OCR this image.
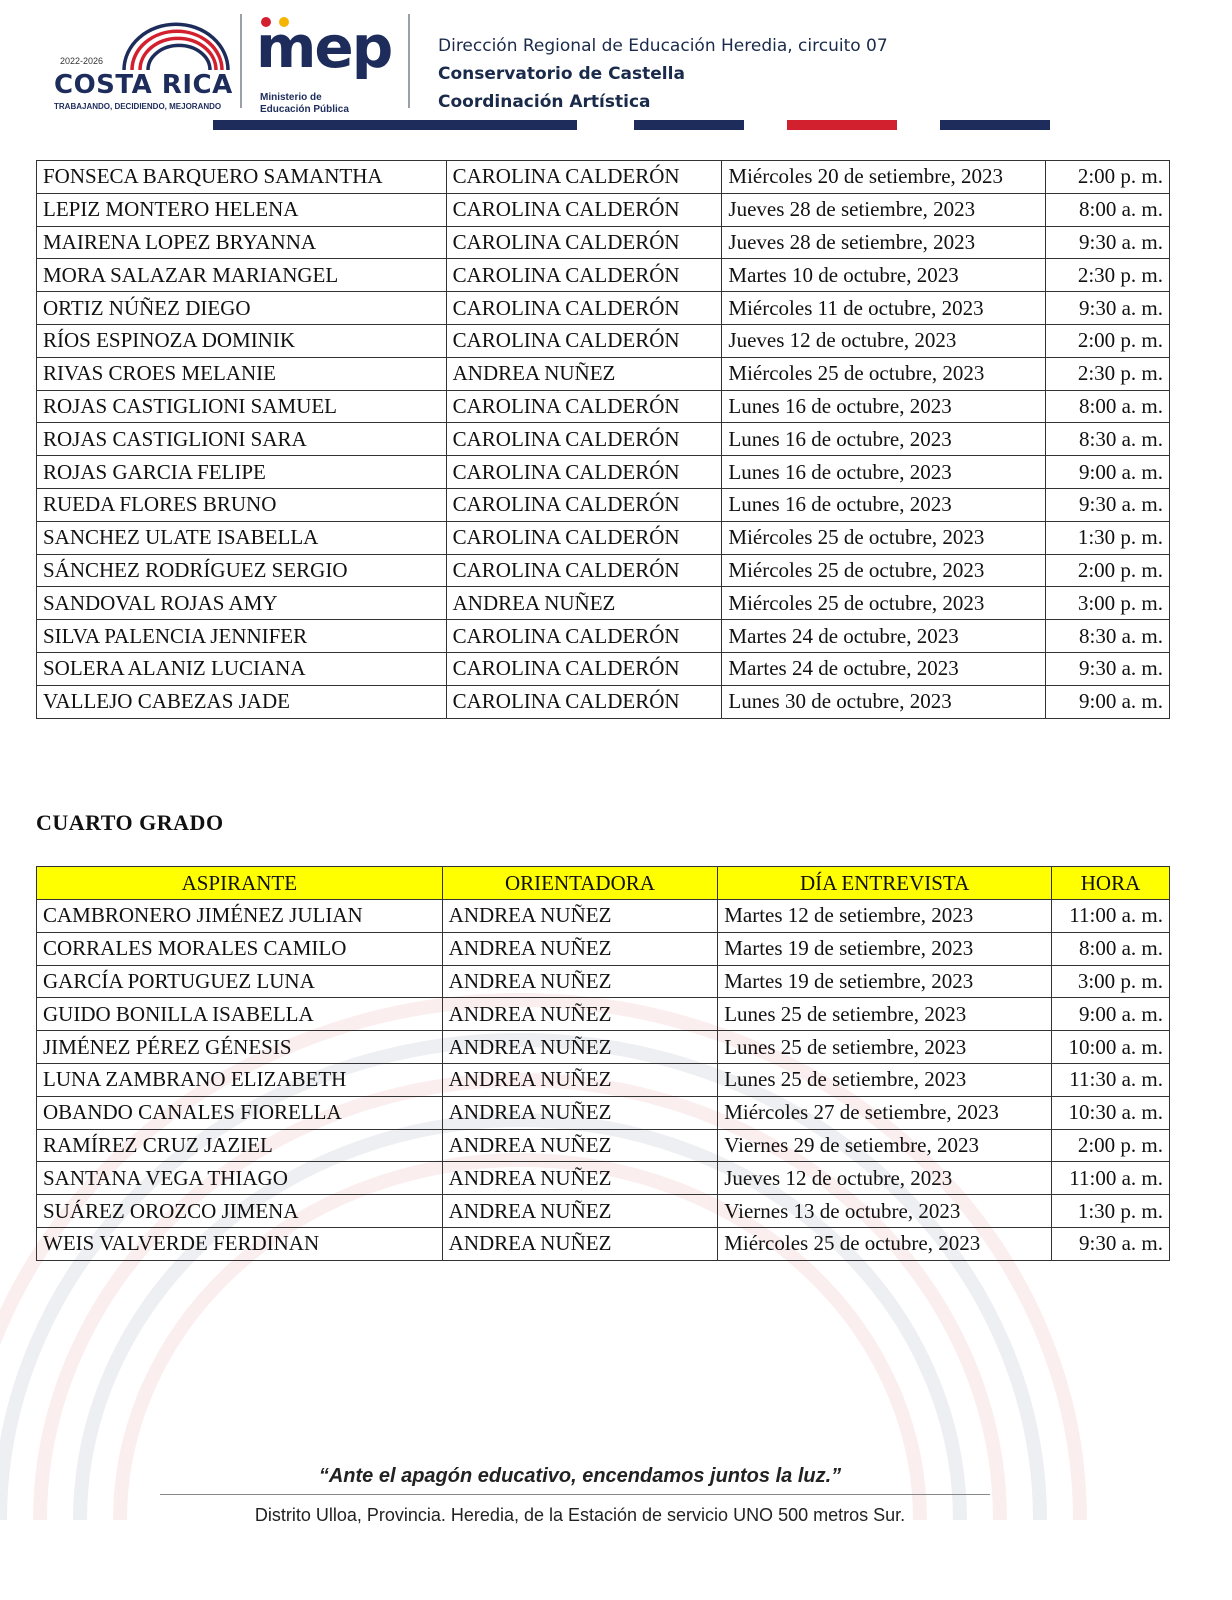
2022-2026
COSTA RICA
TRABAJANDO, DECIDIENDO, MEJORANDO
mep
Ministerio de
Educación Pública
Dirección Regional de Educación Heredia, circuito 07
Conservatorio de Castella
Coordinación Artística
FONSECA BARQUERO SAMANTHA	CAROLINA CALDERÓN	Miércoles 20 de setiembre, 2023	2:00 p. m.
LEPIZ MONTERO HELENA	CAROLINA CALDERÓN	Jueves 28 de setiembre, 2023	8:00 a. m.
MAIRENA LOPEZ BRYANNA	CAROLINA CALDERÓN	Jueves 28 de setiembre, 2023	9:30 a. m.
MORA SALAZAR MARIANGEL	CAROLINA CALDERÓN	Martes 10 de octubre, 2023	2:30 p. m.
ORTIZ NÚÑEZ DIEGO	CAROLINA CALDERÓN	Miércoles 11 de octubre, 2023	9:30 a. m.
RÍOS ESPINOZA DOMINIK	CAROLINA CALDERÓN	Jueves 12 de octubre, 2023	2:00 p. m.
RIVAS CROES MELANIE	ANDREA NUÑEZ	Miércoles 25 de octubre, 2023	2:30 p. m.
ROJAS CASTIGLIONI SAMUEL	CAROLINA CALDERÓN	Lunes 16 de octubre, 2023	8:00 a. m.
ROJAS CASTIGLIONI SARA	CAROLINA CALDERÓN	Lunes 16 de octubre, 2023	8:30 a. m.
ROJAS GARCIA FELIPE	CAROLINA CALDERÓN	Lunes 16 de octubre, 2023	9:00 a. m.
RUEDA FLORES BRUNO	CAROLINA CALDERÓN	Lunes 16 de octubre, 2023	9:30 a. m.
SANCHEZ ULATE ISABELLA	CAROLINA CALDERÓN	Miércoles 25 de octubre, 2023	1:30 p. m.
SÁNCHEZ RODRÍGUEZ SERGIO	CAROLINA CALDERÓN	Miércoles 25 de octubre, 2023	2:00 p. m.
SANDOVAL ROJAS AMY	ANDREA NUÑEZ	Miércoles 25 de octubre, 2023	3:00 p. m.
SILVA PALENCIA JENNIFER	CAROLINA CALDERÓN	Martes 24 de octubre, 2023	8:30 a. m.
SOLERA ALANIZ LUCIANA	CAROLINA CALDERÓN	Martes 24 de octubre, 2023	9:30 a. m.
VALLEJO CABEZAS JADE	CAROLINA CALDERÓN	Lunes 30 de octubre, 2023	9:00 a. m.
CUARTO GRADO
ASPIRANTE	ORIENTADORA	DÍA ENTREVISTA	HORA
CAMBRONERO JIMÉNEZ JULIAN	ANDREA NUÑEZ	Martes 12 de setiembre, 2023	11:00 a. m.
CORRALES MORALES CAMILO	ANDREA NUÑEZ	Martes 19 de setiembre, 2023	8:00 a. m.
GARCÍA PORTUGUEZ LUNA	ANDREA NUÑEZ	Martes 19 de setiembre, 2023	3:00 p. m.
GUIDO BONILLA ISABELLA	ANDREA NUÑEZ	Lunes 25 de setiembre, 2023	9:00 a. m.
JIMÉNEZ PÉREZ GÉNESIS	ANDREA NUÑEZ	Lunes 25 de setiembre, 2023	10:00 a. m.
LUNA ZAMBRANO ELIZABETH	ANDREA NUÑEZ	Lunes 25 de setiembre, 2023	11:30 a. m.
OBANDO CANALES FIORELLA	ANDREA NUÑEZ	Miércoles 27 de setiembre, 2023	10:30 a. m.
RAMÍREZ CRUZ JAZIEL	ANDREA NUÑEZ	Viernes 29 de setiembre, 2023	2:00 p. m.
SANTANA VEGA THIAGO	ANDREA NUÑEZ	Jueves 12 de octubre, 2023	11:00 a. m.
SUÁREZ OROZCO JIMENA	ANDREA NUÑEZ	Viernes 13 de octubre, 2023	1:30 p. m.
WEIS VALVERDE FERDINAN	ANDREA NUÑEZ	Miércoles 25 de octubre, 2023	9:30 a. m.
“Ante el apagón educativo, encendamos juntos la luz.”
Distrito Ulloa, Provincia. Heredia, de la Estación de servicio UNO 500 metros Sur.
